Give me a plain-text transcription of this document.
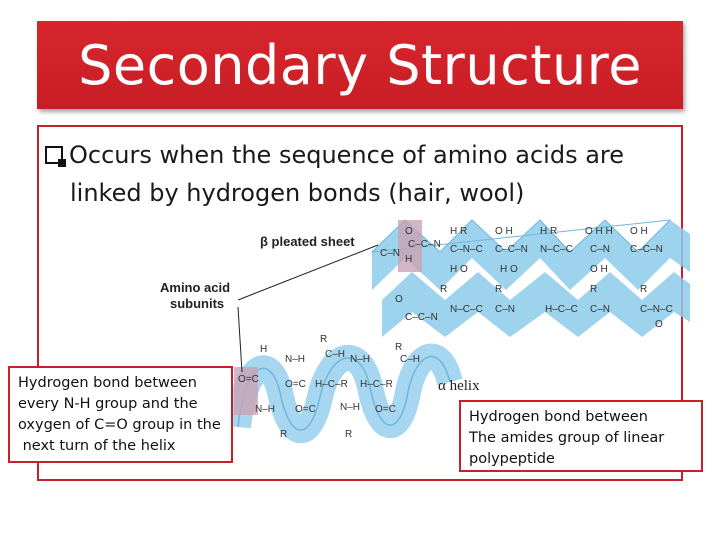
Secondary Structure
Occurs when the sequence of amino acids are
linked by hydrogen bonds (hair, wool)
O
C–C–N
H
H R
C–N–C
O H
C–C–N
H R
N–C–C
O H H
C–N
O H
C–C–N
C–N
H O	H O	O H
O
C–C–N
R
N–C–C
R
C–N	H–C–C
R
C–N
R
C–N–C
O
H
N–H
R
C–H N–H
R
C–H
O=C	O=C H–C–R H–C–R
N–H O=C N–H O=C
R	R
β pleated sheet
Amino acid
subunits
α helix
Hydrogen bond between
every N-H group and the
oxygen of C=O group in the
next turn of the helix
Hydrogen bond between
The amides group of linear
polypeptide
